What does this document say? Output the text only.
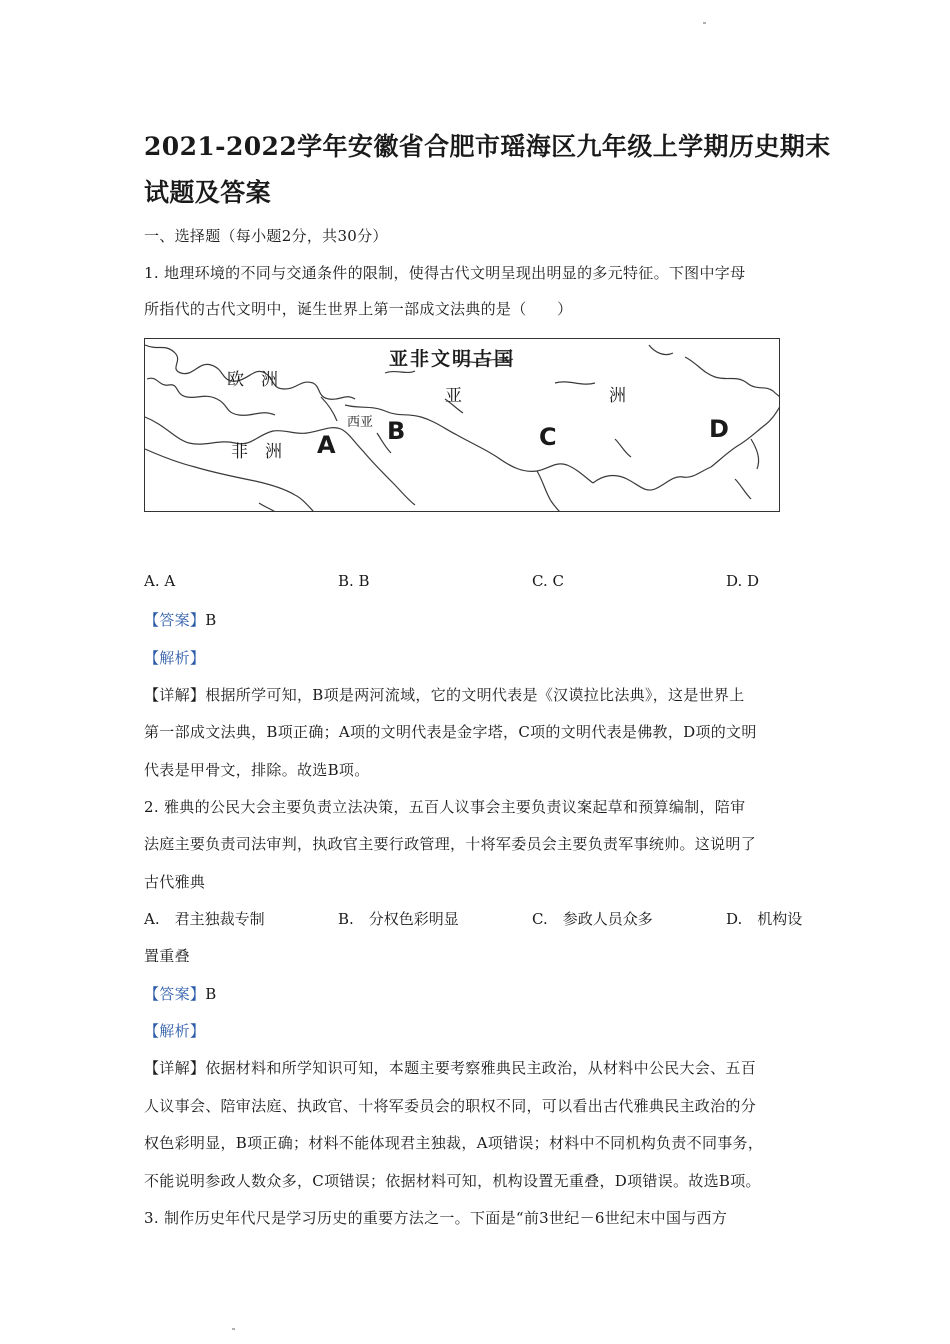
2021-2022学年安徽省合肥市瑶海区九年级上学期历史期末
试题及答案
一、选择题（每小题2分，共30分）
1. 地理环境的不同与交通条件的限制，使得古代文明呈现出明显的多元特征。下图中字母
所指代的古代文明中，诞生世界上第一部成文法典的是（　　）
亚非文明古国
欧　洲
亚	洲
西亚
非　洲 A B	C	D
A. A	B. B	C. C	D. D
【答案】B
【解析】
【详解】根据所学可知，B项是两河流域，它的文明代表是《汉谟拉比法典》，这是世界上
第一部成文法典，B项正确；A项的文明代表是金字塔，C项的文明代表是佛教，D项的文明
代表是甲骨文，排除。故选B项。
2. 雅典的公民大会主要负责立法决策，五百人议事会主要负责议案起草和预算编制，陪审
法庭主要负责司法审判，执政官主要行政管理，十将军委员会主要负责军事统帅。这说明了
古代雅典
A.　君主独裁专制	B.　分权色彩明显	C.　参政人员众多	D.　机构设
置重叠
【答案】B
【解析】
【详解】依据材料和所学知识可知，本题主要考察雅典民主政治，从材料中公民大会、五百
人议事会、陪审法庭、执政官、十将军委员会的职权不同，可以看出古代雅典民主政治的分
权色彩明显，B项正确；材料不能体现君主独裁，A项错误；材料中不同机构负责不同事务，
不能说明参政人数众多，C项错误；依据材料可知，机构设置无重叠，D项错误。故选B项。
3. 制作历史年代尺是学习历史的重要方法之一。下面是“前3世纪－6世纪末中国与西方
